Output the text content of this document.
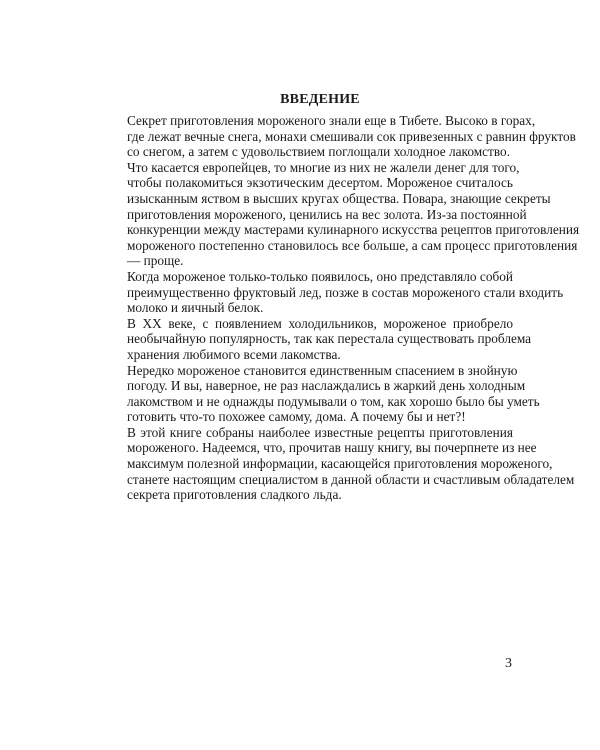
ВВЕДЕНИЕ

Секрет приготовления мороженого знали еще в Тибете. Высоко в горах,
где лежат вечные снега, монахи смешивали сок привезенных с равнин фруктов
со снегом, а затем с удовольствием поглощали холодное лакомство.

Что касается европейцев, то многие из них не жалели денег для того,
чтобы полакомиться экзотическим десертом. Мороженое считалось
изысканным яством в высших кругах общества. Повара, знающие секреты
приготовления мороженого, ценились на вес золота. Из-за постоянной
конкуренции между мастерами кулинарного искусства рецептов приготовления
мороженого постепенно становилось все больше, а сам процесс приготовления
— проще.

Когда мороженое только-только появилось, оно представляло собой
преимущественно фруктовый лед, позже в состав мороженого стали входить
молоко и яичный белок.

В XX веке, с появлением холодильников, мороженое приобрело
необычайную популярность, так как перестала существовать проблема
хранения любимого всеми лакомства.

Нередко мороженое становится единственным спасением в знойную
погоду. И вы, наверное, не раз наслаждались в жаркий день холодным
лакомством и не однажды подумывали о том, как хорошо было бы уметь
готовить что-то похожее самому, дома. А почему бы и нет?!

В этой книге собраны наиболее известные рецепты приготовления
мороженого. Надеемся, что, прочитав нашу книгу, вы почерпнете из нее
максимум полезной информации, касающейся приготовления мороженого,
станете настоящим специалистом в данной области и счастливым обладателем
секрета приготовления сладкого льда.

3
